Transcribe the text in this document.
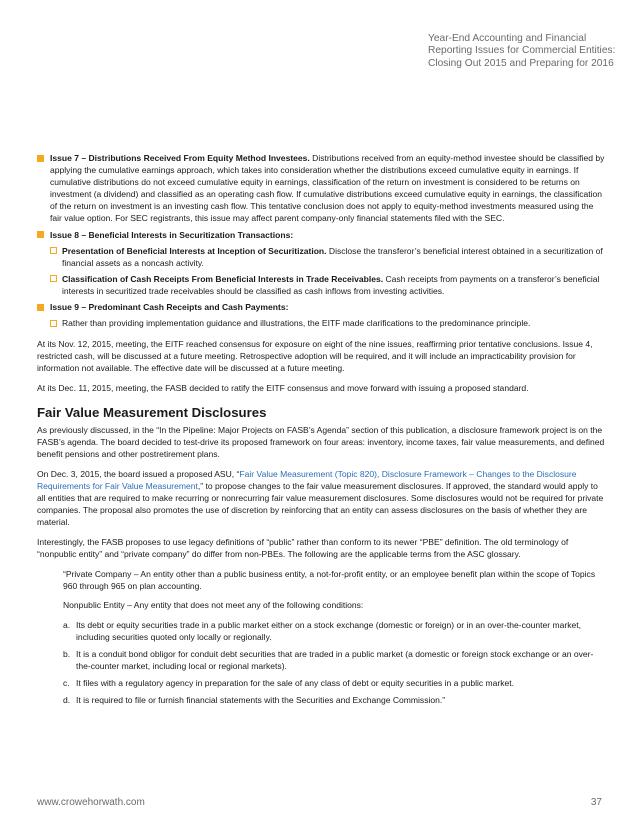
Year-End Accounting and Financial Reporting Issues for Commercial Entities: Closing Out 2015 and Preparing for 2016
Issue 7 – Distributions Received From Equity Method Investees. Distributions received from an equity-method investee should be classified by applying the cumulative earnings approach, which takes into consideration whether the distributions exceed cumulative equity in earnings. If cumulative distributions do not exceed cumulative equity in earnings, classification of the return on investment is considered to be returns on investment (a dividend) and classified as an operating cash flow. If cumulative distributions exceed cumulative equity in earnings, the classification of the return on investment is an investing cash flow. This tentative conclusion does not apply to equity-method investments measured using the fair value option. For SEC registrants, this issue may affect parent company-only financial statements filed with the SEC.
Issue 8 – Beneficial Interests in Securitization Transactions:
Presentation of Beneficial Interests at Inception of Securitization. Disclose the transferor’s beneficial interest obtained in a securitization of financial assets as a noncash activity.
Classification of Cash Receipts From Beneficial Interests in Trade Receivables. Cash receipts from payments on a transferor’s beneficial interests in securitized trade receivables should be classified as cash inflows from investing activities.
Issue 9 – Predominant Cash Receipts and Cash Payments:
Rather than providing implementation guidance and illustrations, the EITF made clarifications to the predominance principle.

At its Nov. 12, 2015, meeting, the EITF reached consensus for exposure on eight of the nine issues, reaffirming prior tentative conclusions. Issue 4, restricted cash, will be discussed at a future meeting. Retrospective adoption will be required, and it will include an impracticability provision for information not available. The effective date will be discussed at a future meeting.

At its Dec. 11, 2015, meeting, the FASB decided to ratify the EITF consensus and move forward with issuing a proposed standard.

Fair Value Measurement Disclosures

As previously discussed, in the “In the Pipeline: Major Projects on FASB’s Agenda” section of this publication, a disclosure framework project is on the FASB’s agenda. The board decided to test-drive its proposed framework on four areas: inventory, income taxes, fair value measurements, and defined benefit pensions and other postretirement plans.

On Dec. 3, 2015, the board issued a proposed ASU, “Fair Value Measurement (Topic 820), Disclosure Framework – Changes to the Disclosure Requirements for Fair Value Measurement,” to propose changes to the fair value measurement disclosures. If approved, the standard would apply to all entities that are required to make recurring or nonrecurring fair value measurement disclosures. Some disclosures would not be required for private companies. The proposal also promotes the use of discretion by reinforcing that an entity can assess disclosures on the basis of whether they are material.

Interestingly, the FASB proposes to use legacy definitions of “public” rather than conform to its newer “PBE” definition. The old terminology of “nonpublic entity” and “private company” do differ from non-PBEs. The following are the applicable terms from the ASC glossary.

“Private Company – An entity other than a public business entity, a not-for-profit entity, or an employee benefit plan within the scope of Topics 960 through 965 on plan accounting.

Nonpublic Entity – Any entity that does not meet any of the following conditions:

a. Its debt or equity securities trade in a public market either on a stock exchange (domestic or foreign) or in an over-the-counter market, including securities quoted only locally or regionally.
b. It is a conduit bond obligor for conduit debt securities that are traded in a public market (a domestic or foreign stock exchange or an over-the-counter market, including local or regional markets).
c. It files with a regulatory agency in preparation for the sale of any class of debt or equity securities in a public market.
d. It is required to file or furnish financial statements with the Securities and Exchange Commission.”
www.crowehorwath.com	37
